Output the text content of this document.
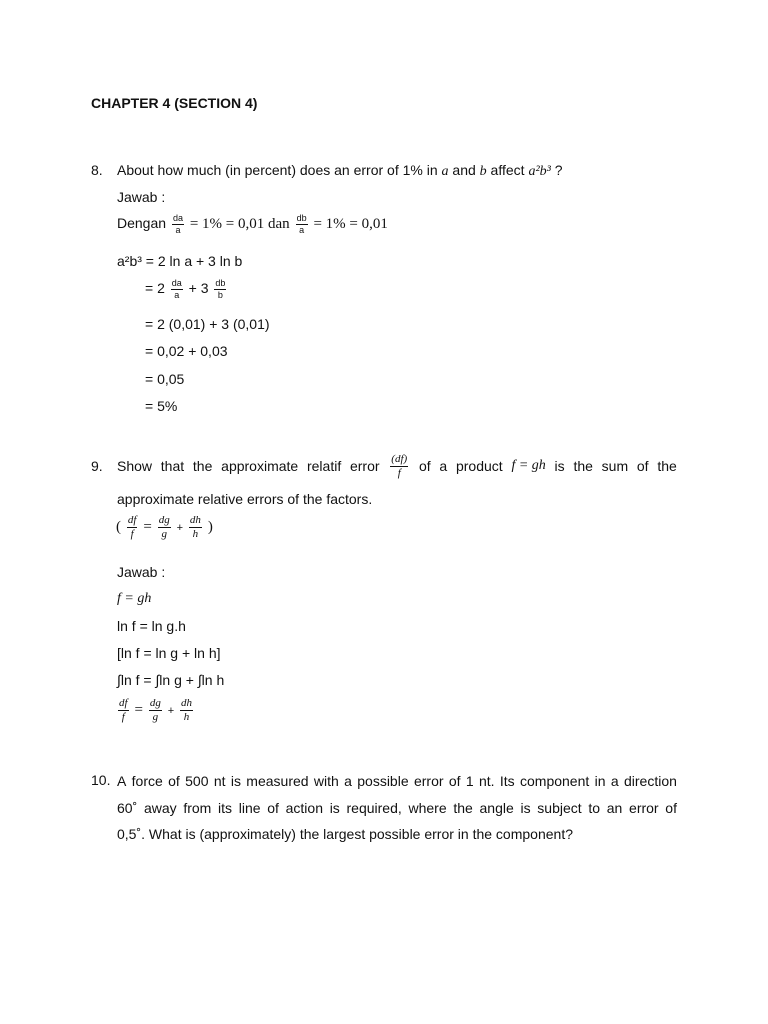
CHAPTER 4 (SECTION 4)
8. About how much (in percent) does an error of 1% in a and b affect a²b³ ?
Jawab :
Dengan $\frac{da}{a} = 1\% = 0,01$ dan $\frac{db}{a} = 1\% = 0,01$
a²b³ = 2 ln a + 3 ln b
= $2 \frac{da}{a} + 3 \frac{db}{b}$
= 2 (0,01) + 3 (0,01)
= 0,02 + 0,03
= 0,05
= 5%
9. Show that the approximate relatif error $\frac{(df)}{f}$ of a product f = gh is the sum of the
approximate relative errors of the factors.
( $\frac{df}{f} = \frac{dg}{g} + \frac{dh}{h}$ )
Jawab :
f = gh
ln f = ln g.h
[ln f = ln g + ln h]
∫ln f = ∫ln g + ∫ln h
$\frac{df}{f} = \frac{dg}{g} + \frac{dh}{h}$
10. A force of 500 nt is measured with a possible error of 1 nt. Its component in a direction
60˚ away from its line of action is required, where the angle is subject to an error of
0,5˚. What is (approximately) the largest possible error in the component?
